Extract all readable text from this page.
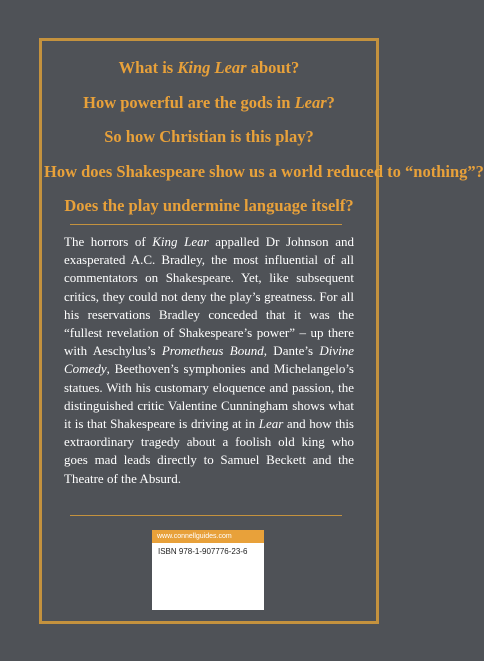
What is King Lear about?
How powerful are the gods in Lear?
So how Christian is this play?
How does Shakespeare show us a world reduced to “nothing”?
Does the play undermine language itself?

The horrors of King Lear appalled Dr Johnson and exasperated A.C. Bradley, the most influential of all commentators on Shakespeare. Yet, like subsequent critics, they could not deny the play’s greatness. For all his reservations Bradley conceded that it was the “fullest revelation of Shakespeare’s power” – up there with Aeschylus’s Prometheus Bound, Dante’s Divine Comedy, Beethoven’s symphonies and Michelangelo’s statues. With his customary eloquence and passion, the distinguished critic Valentine Cunningham shows what it is that Shakespeare is driving at in Lear and how this extraordinary tragedy about a foolish old king who goes mad leads directly to Samuel Beckett and the Theatre of the Absurd.

www.connellguides.com
ISBN 978-1-907776-23-6
